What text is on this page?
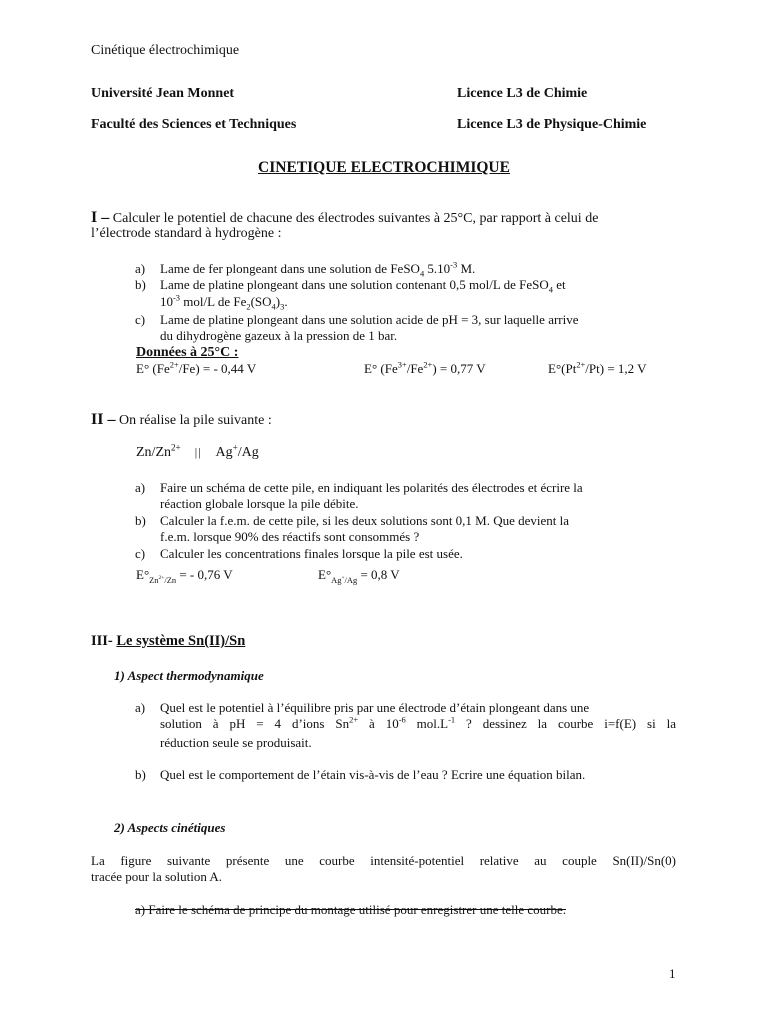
Cinétique électrochimique
Université Jean Monnet	Licence L3 de Chimie
Faculté des Sciences et Techniques	Licence L3 de Physique-Chimie
CINETIQUE ELECTROCHIMIQUE
I – Calculer le potentiel de chacune des électrodes suivantes à 25°C, par rapport à celui de
l’électrode standard à hydrogène :
a) Lame de fer plongeant dans une solution de FeSO$_4$ $5.10^{-3}$ M.
b) Lame de platine plongeant dans une solution contenant 0,5 mol/L de FeSO$_4$ et
$10^{-3}$ mol/L de $Fe_2(SO_4)_3$.
c) Lame de platine plongeant dans une solution acide de pH = 3, sur laquelle arrive
du dihydrogène gazeux à la pression de 1 bar.
Données à 25°C :
E° $(Fe^{2+}/Fe)$ = - 0,44 V	E° $(Fe^{3+}/Fe^{2+}) = 0,77$ V	$E^\circ(Pt^{2+}/Pt) = 1,2$ V
II – On réalise la pile suivante :
$Zn/Zn^{2+}$ || Ag+/Ag
a) Faire un schéma de cette pile, en indiquant les polarités des électrodes et écrire la
réaction globale lorsque la pile débite.
b) Calculer la f.e.m. de cette pile, si les deux solutions sont 0,1 M. Que devient la
f.e.m. lorsque 90% des réactifs sont consommés ?
c) Calculer les concentrations finales lorsque la pile est usée.
$E^\circ_{Zn^{2+}/Zn}$ = - 0,76 V	$E^\circ_{Ag^+/Ag} = 0,8$ V
III- Le système Sn(II)/Sn
1) Aspect thermodynamique
a) Quel est le potentiel à l’équilibre pris par une électrode d’étain plongeant dans une
solution à pH = 4 d’ions $Sn^{2+}$ à $10^{-6}$ $mol.L^{-1}$ ? dessinez la courbe i=f(E) si la
réduction seule se produisait.
b) Quel est le comportement de l’étain vis-à-vis de l’eau ? Ecrire une équation bilan.
2) Aspects cinétiques
La figure suivante présente une courbe intensité-potentiel relative au couple Sn(II)/Sn(0)
tracée pour la solution A.
a) Faire le schéma de principe du montage utilisé pour enregistrer une telle courbe.
1
